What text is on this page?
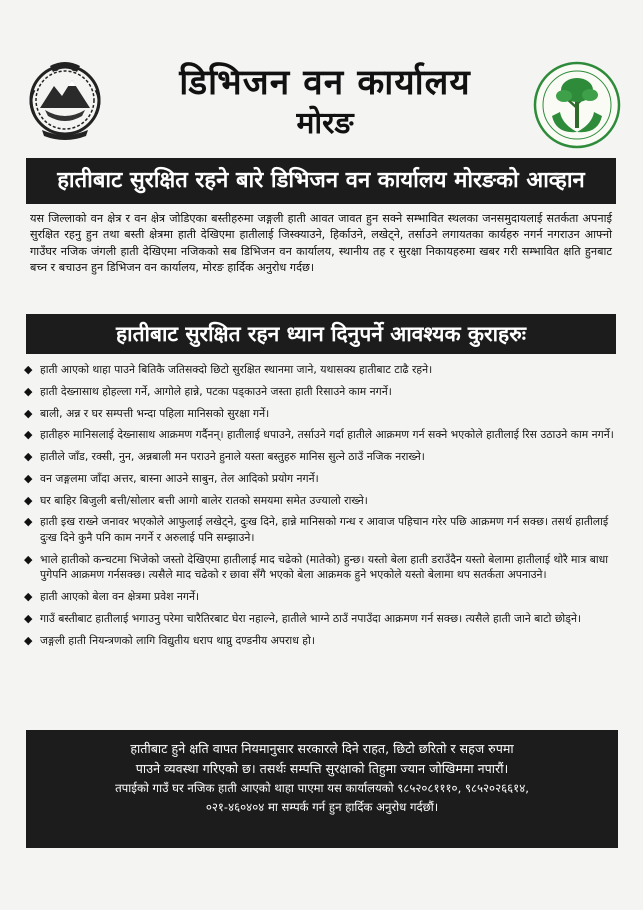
डिभिजन वन कार्यालय
मोरङ
हातीबाट सुरक्षित रहने बारे डिभिजन वन कार्यालय मोरङको आव्हान
यस जिल्लाको वन क्षेत्र र वन क्षेत्र जोडिएका बस्तीहरुमा जङ्गली हाती आवत जावत हुन सक्ने सम्भावित स्थलका जनसमुदायलाई सतर्कता अपनाई सुरक्षित रहनु हुन तथा बस्ती क्षेत्रमा हाती देखिएमा हातीलाई जिस्क्याउने, हिर्काउने, लखेट्ने, तर्साउने लगायतका कार्यहरु नगर्न नगराउन आफ्नो गाउँघर नजिक जंगली हाती देखिएमा नजिकको सब डिभिजन वन कार्यालय, स्थानीय तह र सुरक्षा निकायहरुमा खबर गरी सम्भावित क्षति हुनबाट बच्न र बचाउन हुन डिभिजन वन कार्यालय, मोरङ हार्दिक अनुरोध गर्दछ।
हातीबाट सुरक्षित रहन ध्यान दिनुपर्ने आवश्यक कुराहरुः
◆ हाती आएको थाहा पाउने बितिकै जतिसक्दो छिटो सुरक्षित स्थानमा जाने, यथासक्य हातीबाट टाढै रहने।
◆ हाती देख्नासाथ होहल्ला गर्ने, आगोले हान्ने, पटका पड्काउने जस्ता हाती रिसाउने काम नगर्ने।
◆ बाली, अन्न र घर सम्पत्ती भन्दा पहिला मानिसको सुरक्षा गर्ने।
◆ हातीहरु मानिसलाई देख्नासाथ आक्रमण गर्दैनन्। हातीलाई धपाउने, तर्साउने गर्दा हातीले आक्रमण गर्न सक्ने भएकोले हातीलाई रिस उठाउने काम नगर्ने।
◆ हातीले जाँड, रक्सी, नुन, अन्नबाली मन पराउने हुनाले यस्ता बस्तुहरु मानिस सुत्ने ठाउँ नजिक नराख्ने।
◆ वन जङ्गलमा जाँदा अत्तर, बास्ना आउने साबुन, तेल आदिको प्रयोग नगर्ने।
◆ घर बाहिर बिजुली बत्ती/सोलार बत्ती आगो बालेर रातको समयमा समेत उज्यालो राख्ने।
◆ हाती इख राख्ने जनावर भएकोले आफुलाई लखेट्ने, दुःख दिने, हान्ने मानिसको गन्ध र आवाज पहिचान गरेर पछि आक्रमण गर्न सक्छ। तसर्थ हातीलाई दुःख दिने कुनै पनि काम नगर्ने र अरुलाई पनि सम्झाउने।
◆ भाले हातीको कन्चटमा भिजेको जस्तो देखिएमा हातीलाई माद चढेको (मातेको) हुन्छ। यस्तो बेला हाती डराउँदैन यस्तो बेलामा हातीलाई थोरै मात्र बाधा पुगेपनि आक्रमण गर्नसक्छ। त्यसैले माद चढेको र छावा सँगै भएको बेला आक्रमक हुने भएकोले यस्तो बेलामा थप सतर्कता अपनाउने।
◆ हाती आएको बेला वन क्षेत्रमा प्रवेश नगर्ने।
◆ गाउँ बस्तीबाट हातीलाई भगाउनु परेमा चारैतिरबाट घेरा नहाल्ने, हातीले भाग्ने ठाउँ नपाउँदा आक्रमण गर्न सक्छ। त्यसैले हाती जाने बाटो छोड्ने।
◆ जङ्गली हाती नियन्त्रणको लागि विद्युतीय धराप थाप्नु दण्डनीय अपराध हो।
हातीबाट हुने क्षति वापत नियमानुसार सरकारले दिने राहत, छिटो छरितो र सहज रुपमा
पाउने व्यवस्था गरिएको छ। तसर्थः सम्पत्ति सुरक्षाको तिहुमा ज्यान जोखिममा नपारौं।
तपाईको गाउँ घर नजिक हाती आएको थाहा पाएमा यस कार्यालयको ९८५२०८१११०, ९८५२०२६६१४,
०२१-४६०४०४ मा सम्पर्क गर्न हुन हार्दिक अनुरोध गर्दछौं।
